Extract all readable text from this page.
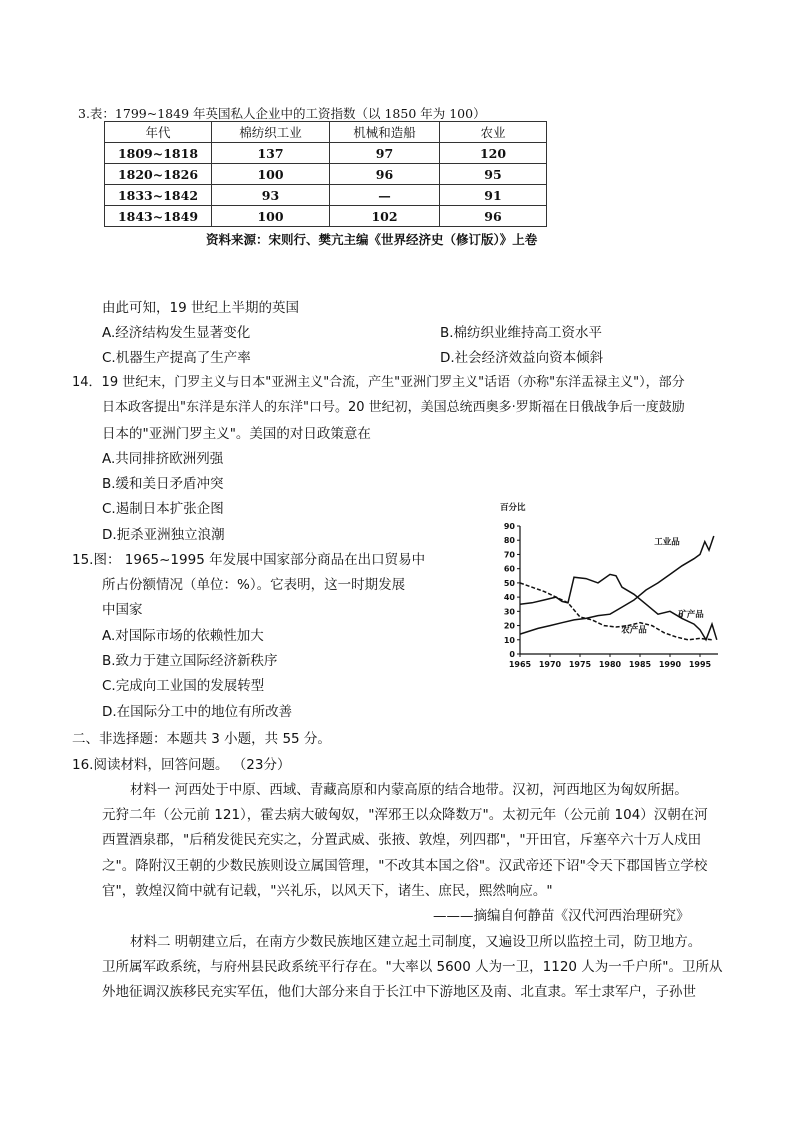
3.表：1799~1849 年英国私人企业中的工资指数（以 1850 年为 100）
年代	棉纺织工业	机械和造船	农业
1809~1818	137	97	120
1820~1826	100	96	95
1833~1842	93	—	91
1843~1849	100	102	96
资料来源：宋则行、樊亢主编《世界经济史（修订版）》上卷
由此可知，19 世纪上半期的英国
A.经济结构发生显著变化	B.棉纺织业维持高工资水平
C.机器生产提高了生产率	D.社会经济效益向资本倾斜
14．19 世纪末，门罗主义与日本"亚洲主义"合流，产生"亚洲门罗主义"话语（亦称"东洋盂禄主义"），部分
日本政客提出"东洋是东洋人的东洋"口号。20 世纪初，美国总统西奥多·罗斯福在日俄战争后一度鼓励
日本的"亚洲门罗主义"。美国的对日政策意在
A.共同排挤欧洲列强
B.缓和美日矛盾冲突
C.遏制日本扩张企图
D.扼杀亚洲独立浪潮
15.图： 1965~1995 年发展中国家部分商品在出口贸易中
所占份额情况（单位：%）。它表明，这一时期发展
中国家
A.对国际市场的依赖性加大
B.致力于建立国际经济新秩序
C.完成向工业国的发展转型
D.在国际分工中的地位有所改善
百分比
0
10
20
30
40
50
60
70
80
90
1965 1970 1975 1980 1985 1990 1995
工业品
矿产品
农产品
二、非选择题：本题共 3 小题，共 55 分。
16.阅读材料，回答问题。 （23分）
材料一 河西处于中原、西域、青藏高原和内蒙高原的结合地带。汉初，河西地区为匈奴所据。
元狩二年（公元前 121），霍去病大破匈奴，"浑邪王以众降数万"。太初元年（公元前 104）汉朝在河
西置酒泉郡，"后稍发徙民充实之，分置武威、张掖、敦煌，列四郡"，"开田官，斥塞卒六十万人戍田
之"。降附汉王朝的少数民族则设立属国管理，"不改其本国之俗"。汉武帝还下诏"令天下郡国皆立学校
官"，敦煌汉简中就有记载，"兴礼乐，以风天下，诸生、庶民，熙然响应。"
———摘编自何静苗《汉代河西治理研究》
材料二 明朝建立后，在南方少数民族地区建立起土司制度，又遍设卫所以监控土司，防卫地方。
卫所属军政系统，与府州县民政系统平行存在。"大率以 5600 人为一卫，1120 人为一千户所"。卫所从
外地征调汉族移民充实军伍，他们大部分来自于长江中下游地区及南、北直隶。军士隶军户，子孙世
